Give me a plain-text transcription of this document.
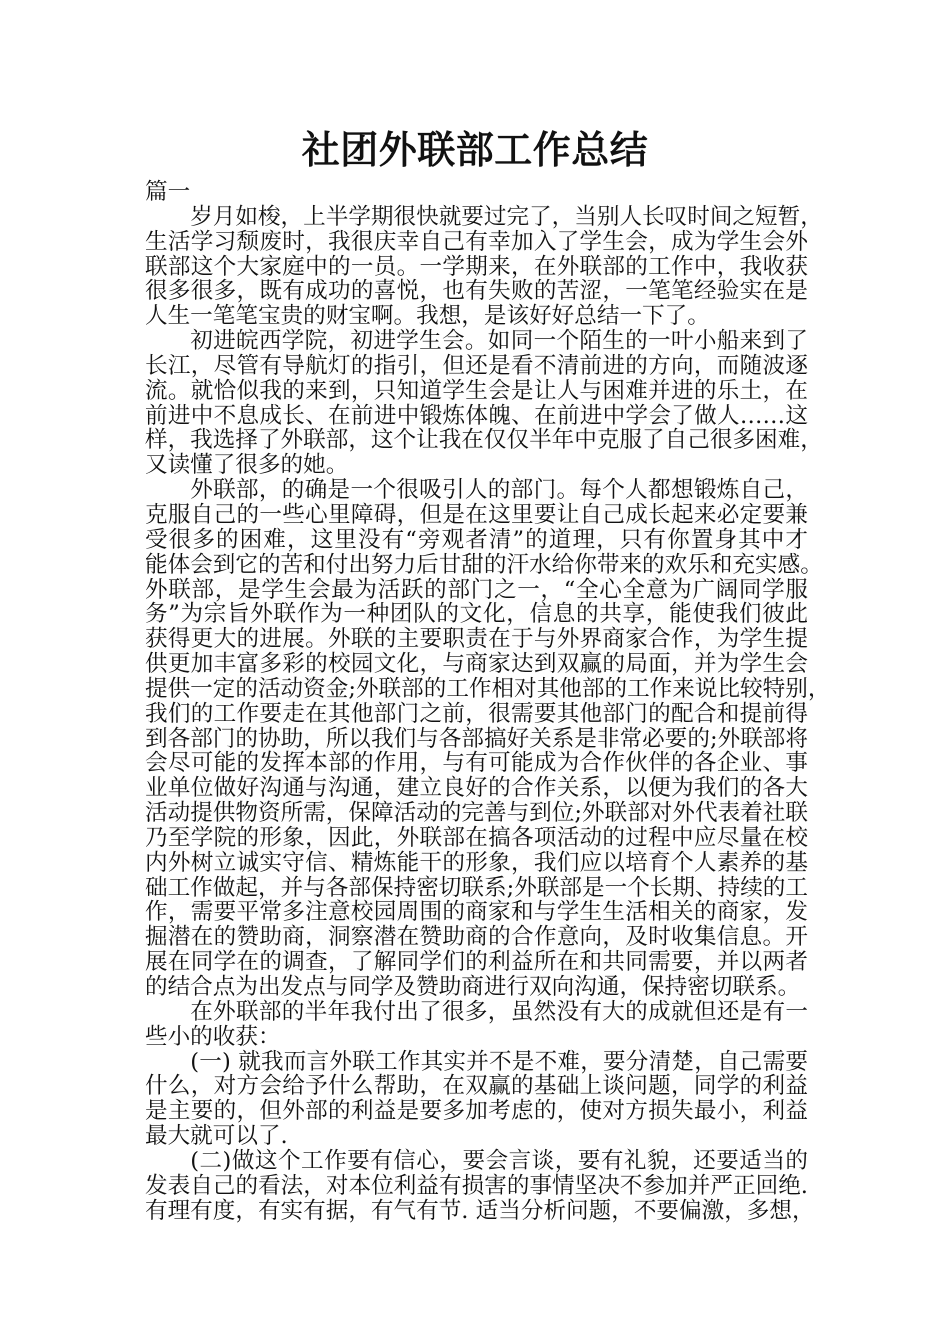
社团外联部工作总结
篇一
岁月如梭，上半学期很快就要过完了，当别人长叹时间之短暂，
生活学习颓废时，我很庆幸自己有幸加入了学生会，成为学生会外
联部这个大家庭中的一员。一学期来，在外联部的工作中，我收获
很多很多，既有成功的喜悦，也有失败的苦涩，一笔笔经验实在是
人生一笔笔宝贵的财宝啊。我想，是该好好总结一下了。
初进皖西学院，初进学生会。如同一个陌生的一叶小船来到了
长江，尽管有导航灯的指引，但还是看不清前进的方向，而随波逐
流。就恰似我的来到，只知道学生会是让人与困难并进的乐土，在
前进中不息成长、在前进中锻炼体魄、在前进中学会了做人……这
样，我选择了外联部，这个让我在仅仅半年中克服了自己很多困难，
又读懂了很多的她。
外联部，的确是一个很吸引人的部门。每个人都想锻炼自己，
克服自己的一些心里障碍，但是在这里要让自己成长起来必定要兼
受很多的困难，这里没有“旁观者清”的道理，只有你置身其中才
能体会到它的苦和付出努力后甘甜的汗水给你带来的欢乐和充实感。
外联部，是学生会最为活跃的部门之一，“全心全意为广阔同学服
务”为宗旨外联作为一种团队的文化，信息的共享，能使我们彼此
获得更大的进展。外联的主要职责在于与外界商家合作，为学生提
供更加丰富多彩的校园文化，与商家达到双赢的局面，并为学生会
提供一定的活动资金;外联部的工作相对其他部的工作来说比较特别，
我们的工作要走在其他部门之前，很需要其他部门的配合和提前得
到各部门的协助，所以我们与各部搞好关系是非常必要的;外联部将
会尽可能的发挥本部的作用，与有可能成为合作伙伴的各企业、事
业单位做好沟通与沟通，建立良好的合作关系，以便为我们的各大
活动提供物资所需，保障活动的完善与到位;外联部对外代表着社联
乃至学院的形象，因此，外联部在搞各项活动的过程中应尽量在校
内外树立诚实守信、精炼能干的形象，我们应以培育个人素养的基
础工作做起，并与各部保持密切联系;外联部是一个长期、持续的工
作，需要平常多注意校园周围的商家和与学生生活相关的商家，发
掘潜在的赞助商，洞察潜在赞助商的合作意向，及时收集信息。开
展在同学在的调查，了解同学们的利益所在和共同需要，并以两者
的结合点为出发点与同学及赞助商进行双向沟通，保持密切联系。
在外联部的半年我付出了很多，虽然没有大的成就但还是有一
些小的收获：
(一) 就我而言外联工作其实并不是不难，要分清楚，自己需要
什么，对方会给予什么帮助，在双赢的基础上谈问题，同学的利益
是主要的，但外部的利益是要多加考虑的，使对方损失最小，利益
最大就可以了.
(二)做这个工作要有信心，要会言谈，要有礼貌，还要适当的
发表自己的看法，对本位利益有损害的事情坚决不参加并严正回绝.
有理有度，有实有据，有气有节. 适当分析问题，不要偏激，多想，
